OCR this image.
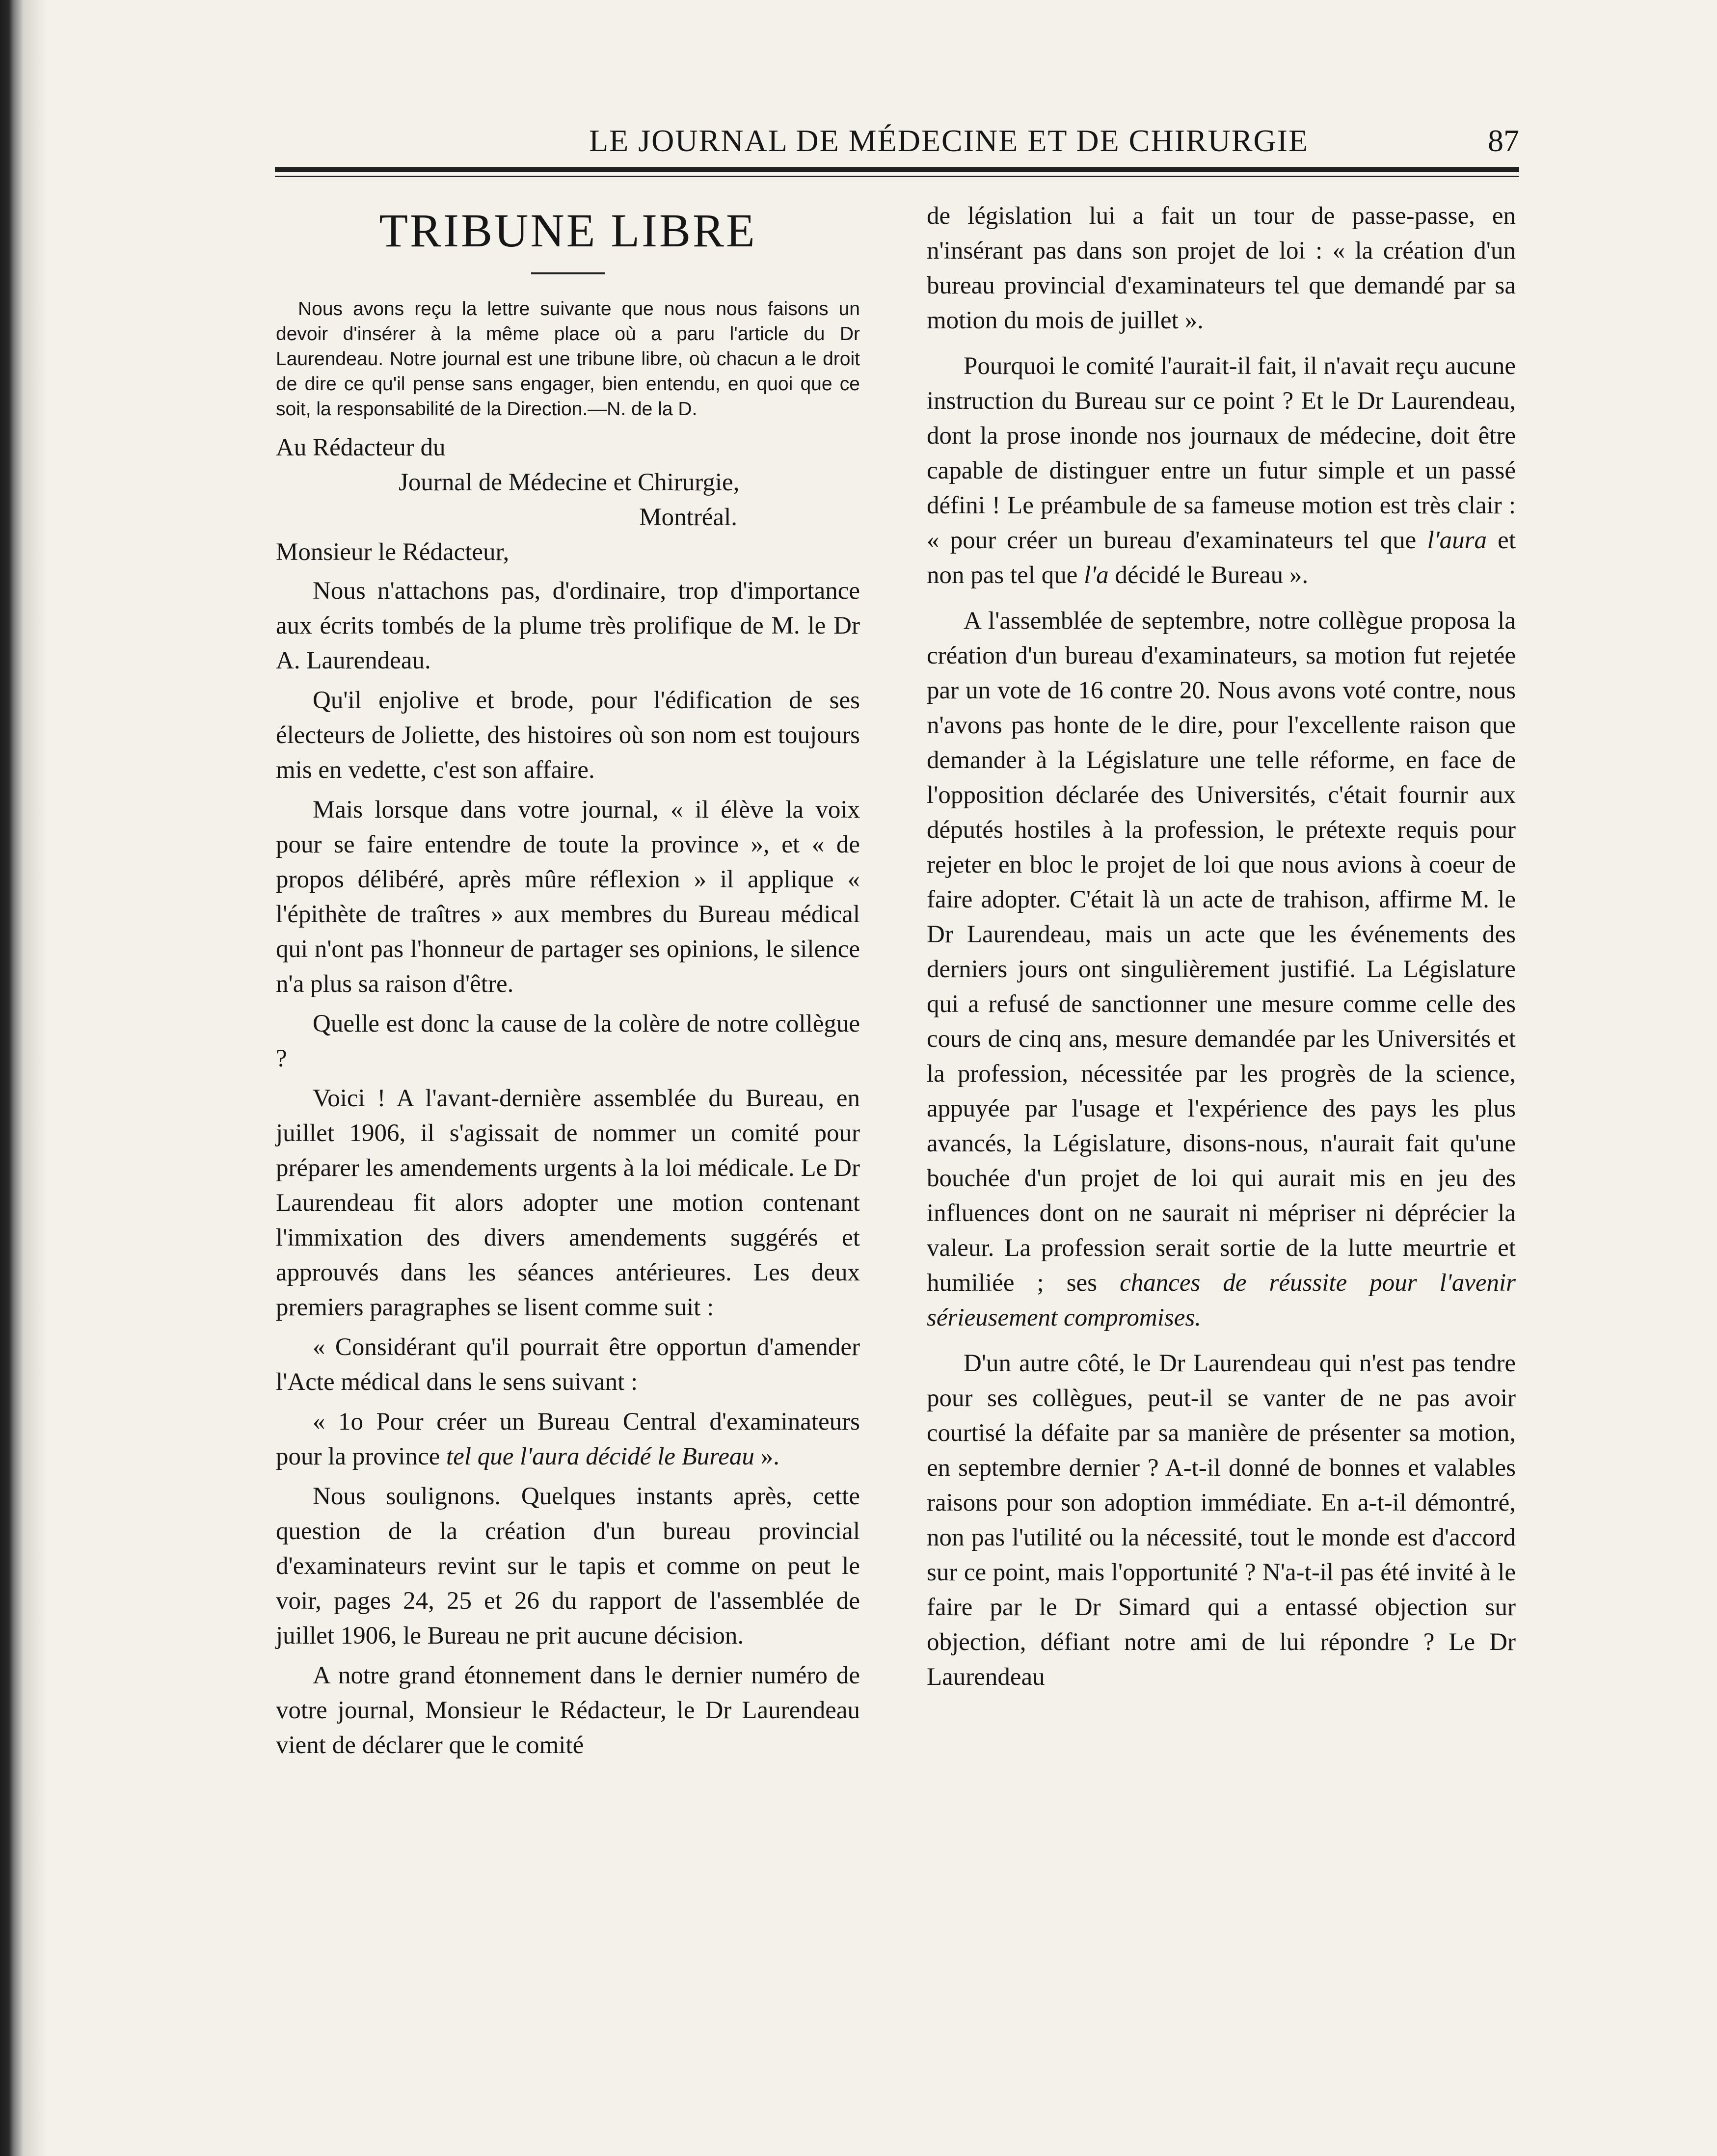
LE JOURNAL DE MÉDECINE ET DE CHIRURGIE	87
TRIBUNE LIBRE
Nous avons reçu la lettre suivante que nous nous faisons un devoir d'insérer à la même place où a paru l'article du Dr Laurendeau. Notre journal est une tribune libre, où chacun a le droit de dire ce qu'il pense sans engager, bien entendu, en quoi que ce soit, la responsabilité de la Direction.—N. de la D.
Au Rédacteur du
Journal de Médecine et Chirurgie,
Montréal.
Monsieur le Rédacteur,

Nous n'attachons pas, d'ordinaire, trop d'importance aux écrits tombés de la plume très prolifique de M. le Dr A. Laurendeau.

Qu'il enjolive et brode, pour l'édification de ses électeurs de Joliette, des histoires où son nom est toujours mis en vedette, c'est son affaire.

Mais lorsque dans votre journal, « il élève la voix pour se faire entendre de toute la province », et « de propos délibéré, après mûre réflexion » il applique « l'épithète de traîtres » aux membres du Bureau médical qui n'ont pas l'honneur de partager ses opinions, le silence n'a plus sa raison d'être.

Quelle est donc la cause de la colère de notre collègue ?

Voici ! A l'avant-dernière assemblée du Bureau, en juillet 1906, il s'agissait de nommer un comité pour préparer les amendements urgents à la loi médicale. Le Dr Laurendeau fit alors adopter une motion contenant l'immixation des divers amendements suggérés et approuvés dans les séances antérieures. Les deux premiers paragraphes se lisent comme suit :

« Considérant qu'il pourrait être opportun d'amender l'Acte médical dans le sens suivant :

« 1o Pour créer un Bureau Central d'examinateurs pour la province tel que l'aura décidé le Bureau ».

Nous soulignons. Quelques instants après, cette question de la création d'un bureau provincial d'examinateurs revint sur le tapis et comme on peut le voir, pages 24, 25 et 26 du rapport de l'assemblée de juillet 1906, le Bureau ne prit aucune décision.

A notre grand étonnement dans le dernier numéro de votre journal, Monsieur le Rédacteur, le Dr Laurendeau vient de déclarer que le comité

de législation lui a fait un tour de passe-passe, en n'insérant pas dans son projet de loi : « la création d'un bureau provincial d'examinateurs tel que demandé par sa motion du mois de juillet ».

Pourquoi le comité l'aurait-il fait, il n'avait reçu aucune instruction du Bureau sur ce point ? Et le Dr Laurendeau, dont la prose inonde nos journaux de médecine, doit être capable de distinguer entre un futur simple et un passé défini ! Le préambule de sa fameuse motion est très clair : « pour créer un bureau d'examinateurs tel que l'aura et non pas tel que l'a décidé le Bureau ».

A l'assemblée de septembre, notre collègue proposa la création d'un bureau d'examinateurs, sa motion fut rejetée par un vote de 16 contre 20. Nous avons voté contre, nous n'avons pas honte de le dire, pour l'excellente raison que demander à la Législature une telle réforme, en face de l'opposition déclarée des Universités, c'était fournir aux députés hostiles à la profession, le prétexte requis pour rejeter en bloc le projet de loi que nous avions à coeur de faire adopter. C'était là un acte de trahison, affirme M. le Dr Laurendeau, mais un acte que les événements des derniers jours ont singulièrement justifié. La Législature qui a refusé de sanctionner une mesure comme celle des cours de cinq ans, mesure demandée par les Universités et la profession, nécessitée par les progrès de la science, appuyée par l'usage et l'expérience des pays les plus avancés, la Législature, disons-nous, n'aurait fait qu'une bouchée d'un projet de loi qui aurait mis en jeu des influences dont on ne saurait ni mépriser ni déprécier la valeur. La profession serait sortie de la lutte meurtrie et humiliée ; ses chances de réussite pour l'avenir sérieusement compromises.

D'un autre côté, le Dr Laurendeau qui n'est pas tendre pour ses collègues, peut-il se vanter de ne pas avoir courtisé la défaite par sa manière de présenter sa motion, en septembre dernier ? A-t-il donné de bonnes et valables raisons pour son adoption immédiate. En a-t-il démontré, non pas l'utilité ou la nécessité, tout le monde est d'accord sur ce point, mais l'opportunité ? N'a-t-il pas été invité à le faire par le Dr Simard qui a entassé objection sur objection, défiant notre ami de lui répondre ? Le Dr Laurendeau
